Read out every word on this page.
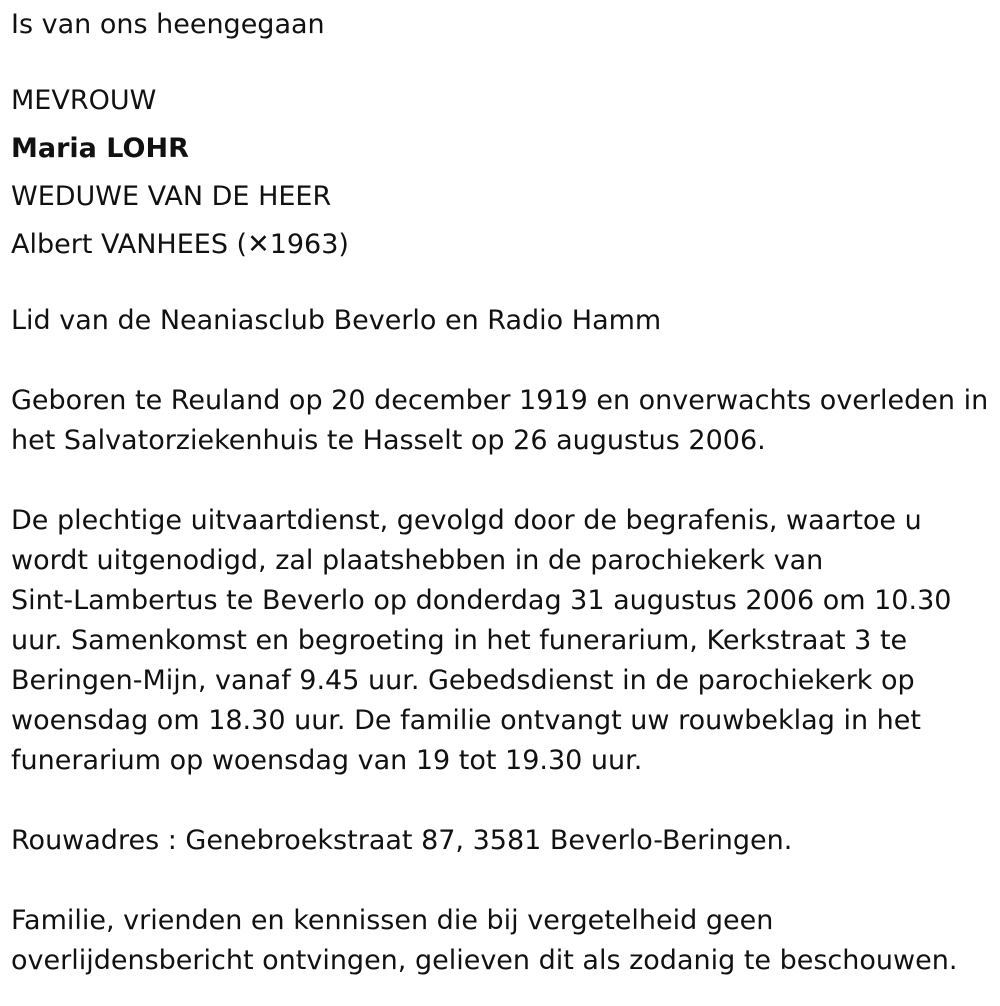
Is van ons heengegaan
MEVROUW
Maria LOHR
WEDUWE VAN DE HEER
Albert VANHEES (✕1963)
Lid van de Neaniasclub Beverlo en Radio Hamm
Geboren te Reuland op 20 december 1919 en onverwachts overleden in
het Salvatorziekenhuis te Hasselt op 26 augustus 2006.
De plechtige uitvaartdienst, gevolgd door de begrafenis, waartoe u
wordt uitgenodigd, zal plaatshebben in de parochiekerk van
Sint-Lambertus te Beverlo op donderdag 31 augustus 2006 om 10.30
uur. Samenkomst en begroeting in het funerarium, Kerkstraat 3 te
Beringen-Mijn, vanaf 9.45 uur. Gebedsdienst in de parochiekerk op
woensdag om 18.30 uur. De familie ontvangt uw rouwbeklag in het
funerarium op woensdag van 19 tot 19.30 uur.
Rouwadres : Genebroekstraat 87, 3581 Beverlo-Beringen.
Familie, vrienden en kennissen die bij vergetelheid geen
overlijdensbericht ontvingen, gelieven dit als zodanig te beschouwen.
